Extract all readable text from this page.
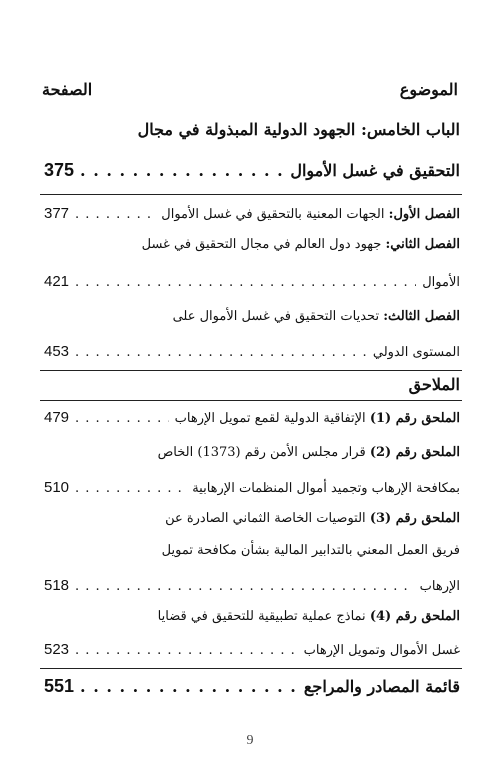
الموضوع
الصفحة
الباب الخامس: الجهود الدولية المبذولة في مجال
التحقيق في غسل الأموال
. . .
375
الفصل الأول: الجهات المعنية بالتحقيق في غسل الأموال
. . .
377
الفصل الثاني: جهود دول العالم في مجال التحقيق في غسل
الأموال
. . .
421
الفصل الثالث: تحديات التحقيق في غسل الأموال على
المستوى الدولي
. . .
453
الملاحق
الملحق رقم (1) الإتفاقية الدولية لقمع تمويل الإرهاب
. . .
479
الملحق رقم (2) قرار مجلس الأمن رقم (1373) الخاص
بمكافحة الإرهاب وتجميد أموال المنظمات الإرهابية
. . .
510
الملحق رقم (3) التوصيات الخاصة الثماني الصادرة عن
فريق العمل المعني بالتدابير المالية بشأن مكافحة تمويل
الإرهاب
. . .
518
الملحق رقم (4) نماذج عملية تطبيقية للتحقيق في قضايا
غسل الأموال وتمويل الإرهاب
. . .
523
قائمة المصادر والمراجع
. . .
551
9
